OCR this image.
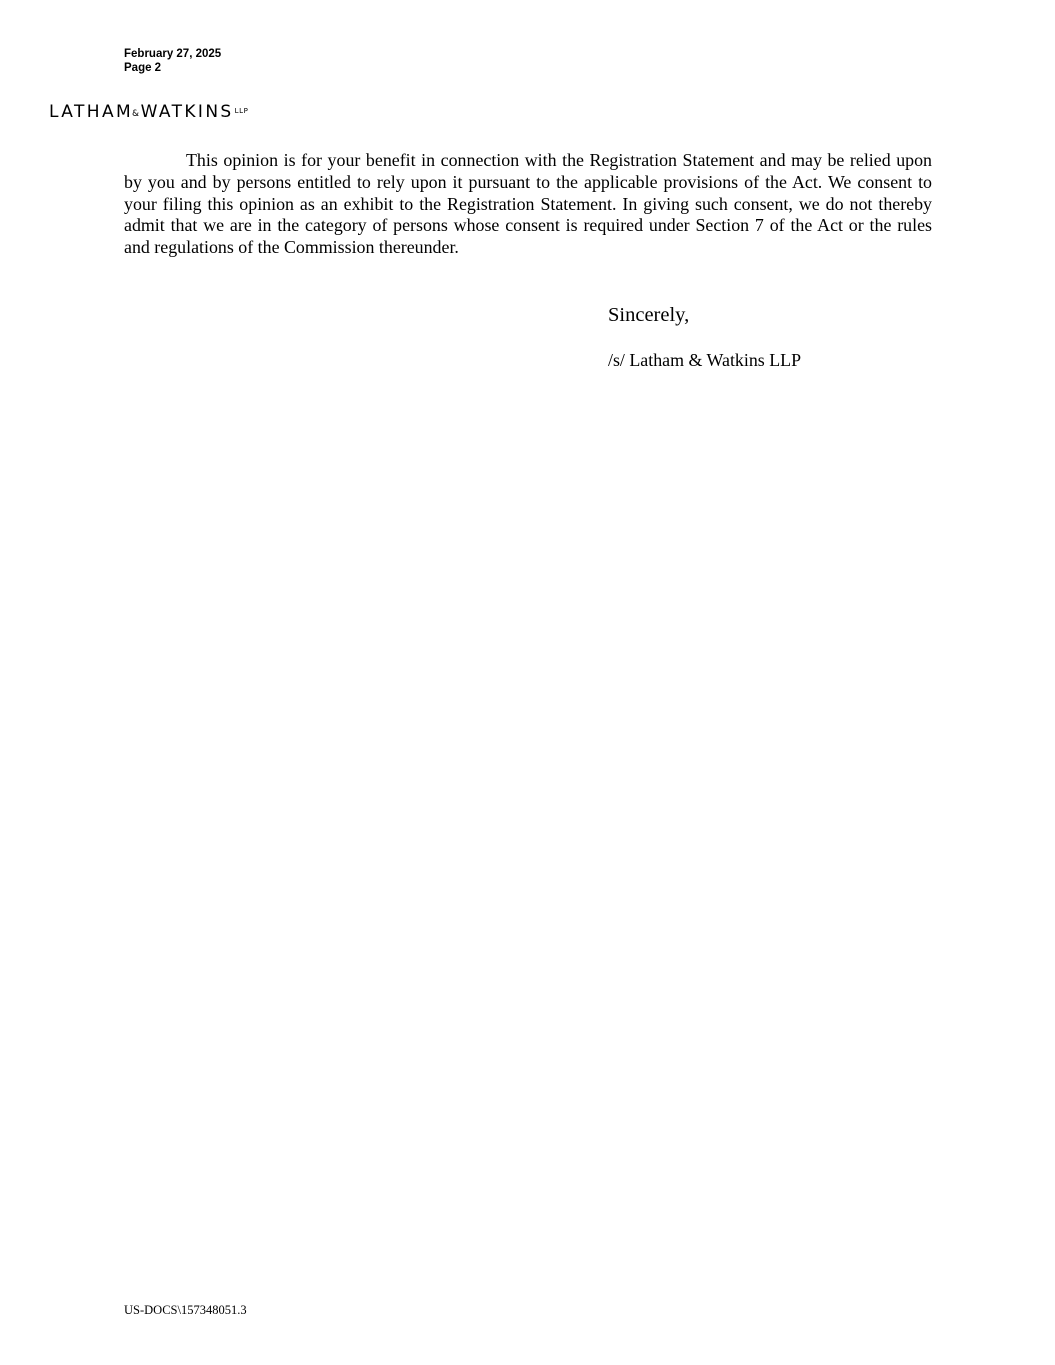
February 27, 2025
Page 2
$LATHAM\&WATKINS^{LLP}$

This opinion is for your benefit in connection with the Registration Statement and may be relied upon by you and by persons entitled to rely upon it pursuant to the applicable provisions of the Act. We consent to your filing this opinion as an exhibit to the Registration Statement. In giving such consent, we do not thereby admit that we are in the category of persons whose consent is required under Section 7 of the Act or the rules and regulations of the Commission thereunder.

Sincerely,
/s/ Latham & Watkins LLP
US-DOCS\157348051.3
